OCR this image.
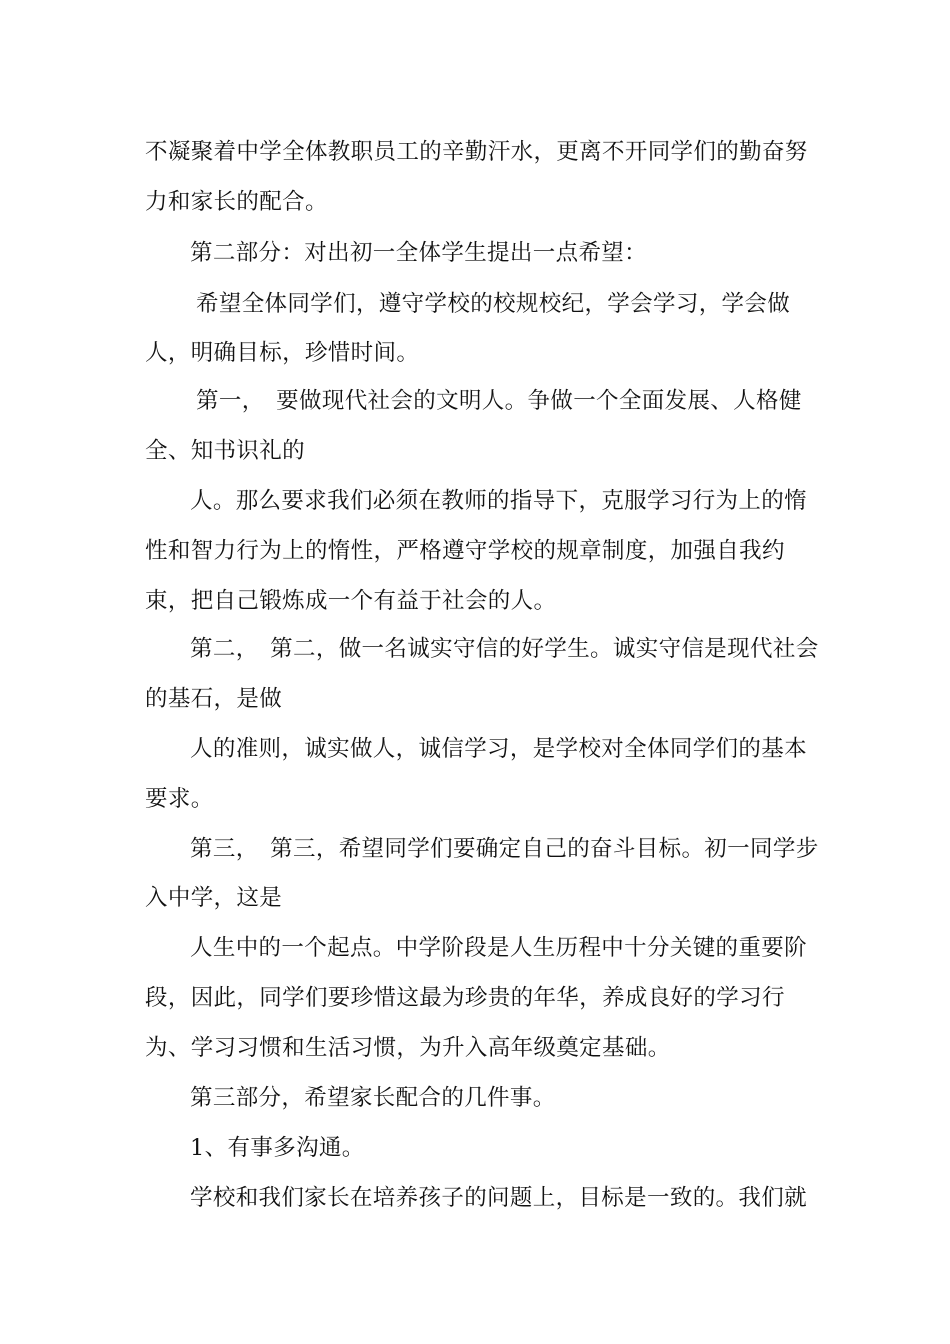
不凝聚着中学全体教职员工的辛勤汗水，更离不开同学们的勤奋努
力和家长的配合。
第二部分：对出初一全体学生提出一点希望：
希望全体同学们，遵守学校的校规校纪，学会学习，学会做
人，明确目标，珍惜时间。
第一，　要做现代社会的文明人。争做一个全面发展、人格健
全、知书识礼的
人。那么要求我们必须在教师的指导下，克服学习行为上的惰
性和智力行为上的惰性，严格遵守学校的规章制度，加强自我约
束，把自己锻炼成一个有益于社会的人。
第二，　第二，做一名诚实守信的好学生。诚实守信是现代社会
的基石，是做
人的准则，诚实做人，诚信学习，是学校对全体同学们的基本
要求。
第三，　第三，希望同学们要确定自己的奋斗目标。初一同学步
入中学，这是
人生中的一个起点。中学阶段是人生历程中十分关键的重要阶
段，因此，同学们要珍惜这最为珍贵的年华，养成良好的学习行
为、学习习惯和生活习惯，为升入高年级奠定基础。
第三部分，希望家长配合的几件事。
1、有事多沟通。
学校和我们家长在培养孩子的问题上，目标是一致的。我们就
